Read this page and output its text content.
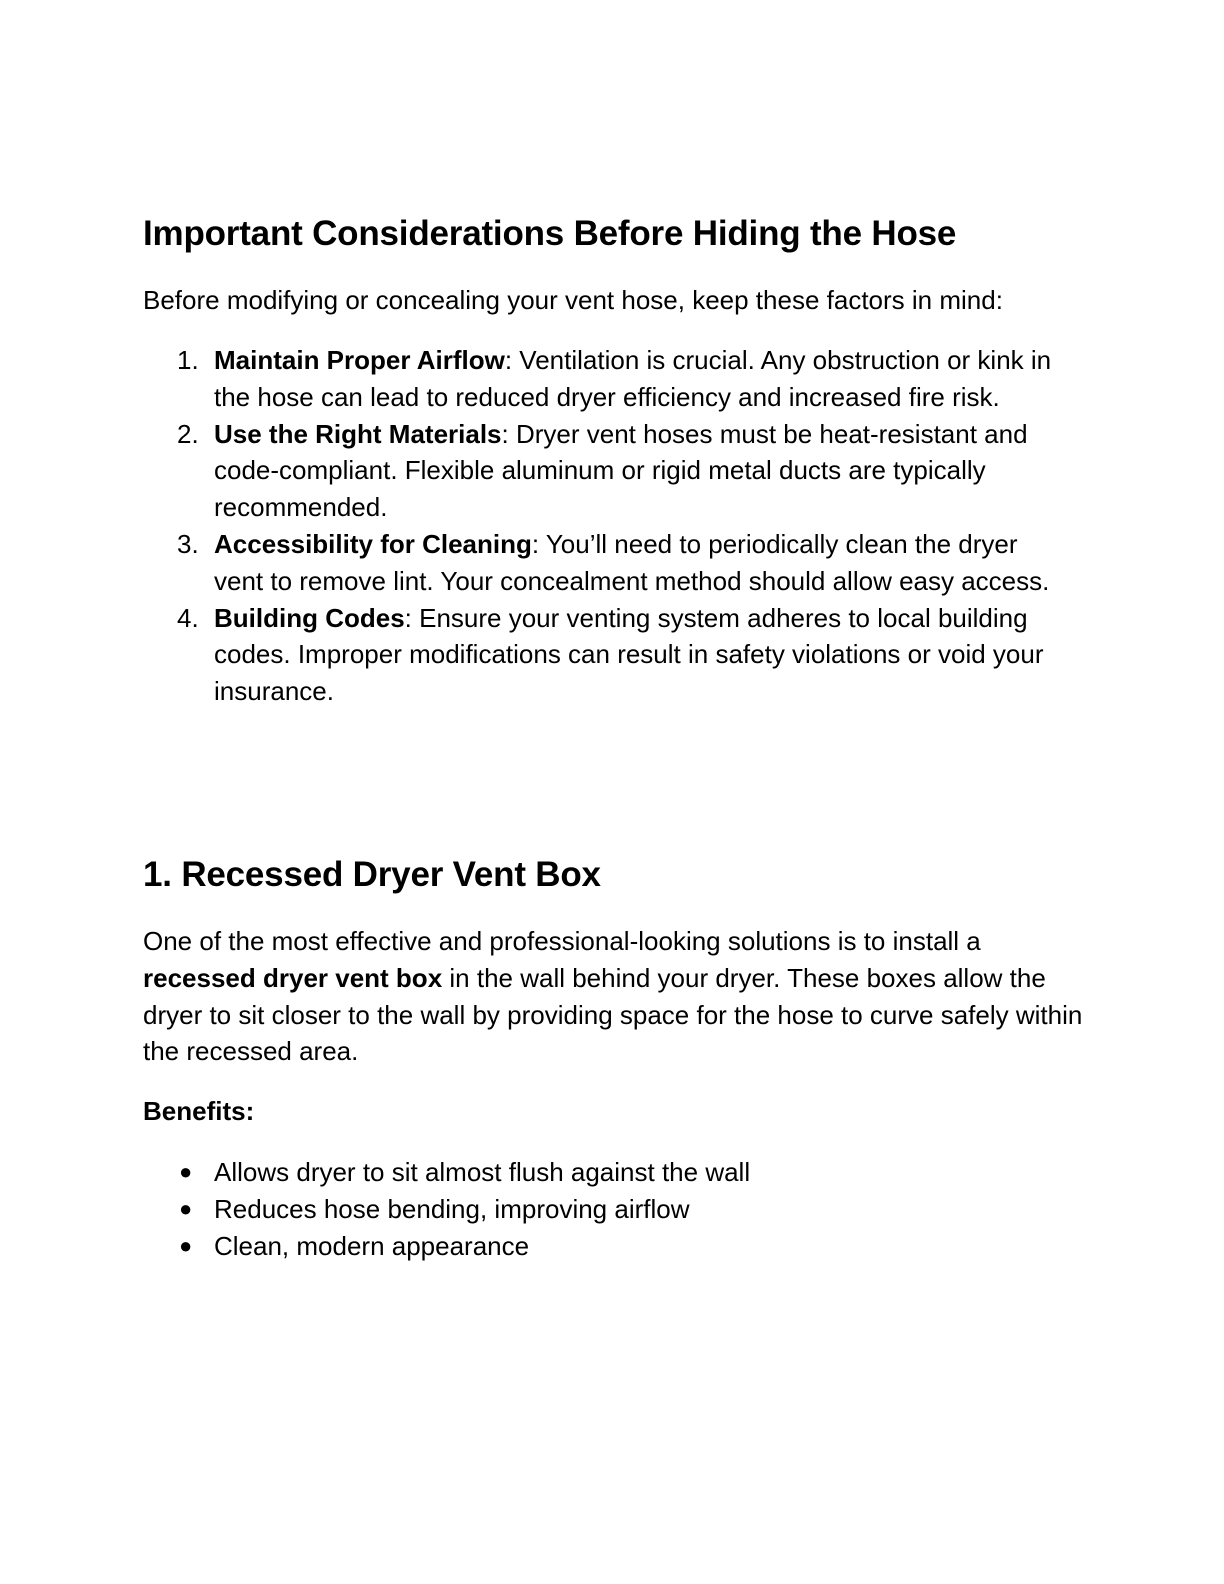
Important Considerations Before Hiding the Hose

Before modifying or concealing your vent hose, keep these factors in mind:

1. Maintain Proper Airflow: Ventilation is crucial. Any obstruction or kink in the hose can lead to reduced dryer efficiency and increased fire risk.
2. Use the Right Materials: Dryer vent hoses must be heat-resistant and code-compliant. Flexible aluminum or rigid metal ducts are typically recommended.
3. Accessibility for Cleaning: You’ll need to periodically clean the dryer vent to remove lint. Your concealment method should allow easy access.
4. Building Codes: Ensure your venting system adheres to local building codes. Improper modifications can result in safety violations or void your insurance.
1. Recessed Dryer Vent Box

One of the most effective and professional-looking solutions is to install a recessed dryer vent box in the wall behind your dryer. These boxes allow the dryer to sit closer to the wall by providing space for the hose to curve safely within the recessed area.

Benefits:

● Allows dryer to sit almost flush against the wall
● Reduces hose bending, improving airflow
● Clean, modern appearance
